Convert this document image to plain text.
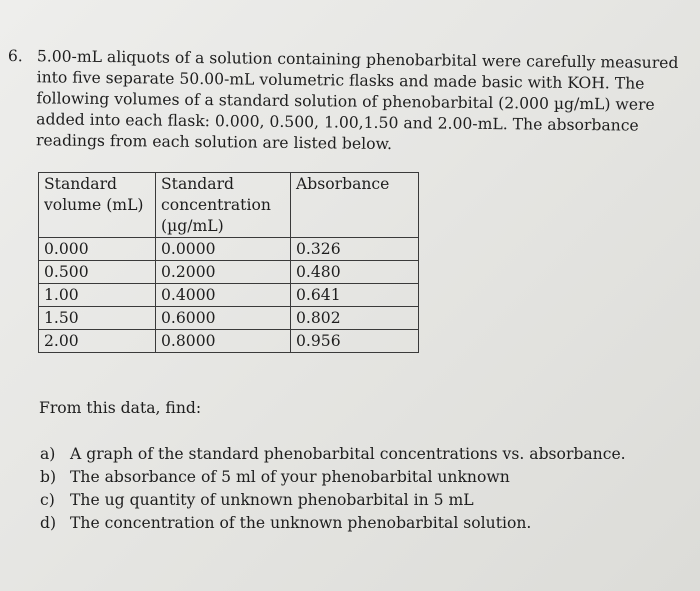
6. 5.00-mL aliquots of a solution containing phenobarbital were carefully measured into five separate 50.00-mL volumetric flasks and made basic with KOH. The following volumes of a standard solution of phenobarbital (2.000 µg/mL) were added into each flask: 0.000, 0.500, 1.00,1.50 and 2.00-mL. The absorbance readings from each solution are listed below.
Standard volume (mL)	Standard concentration (µg/mL)	Absorbance
0.000	0.0000	0.326
0.500	0.2000	0.480
1.00	0.4000	0.641
1.50	0.6000	0.802
2.00	0.8000	0.956
From this data, find:
a) A graph of the standard phenobarbital concentrations vs. absorbance.
b) The absorbance of 5 ml of your phenobarbital unknown
c) The ug quantity of unknown phenobarbital in 5 mL
d) The concentration of the unknown phenobarbital solution.
